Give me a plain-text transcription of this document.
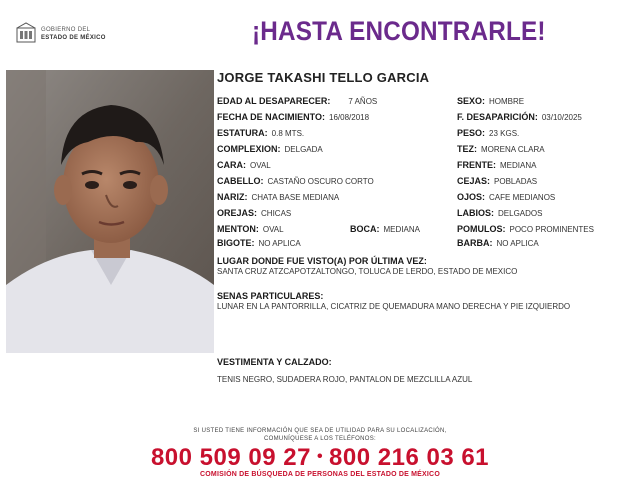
GOBIERNO DEL
ESTADO DE MÉXICO	¡HASTA ENCONTRARLE!
JORGE TAKASHI TELLO GARCIA
EDAD AL DESAPARECER: 7 AÑOS
FECHA DE NACIMIENTO: 16/08/2018
ESTATURA: 0.8 MTS.
COMPLEXION: DELGADA
CARA: OVAL
CABELLO: CASTAÑO OSCURO CORTO
NARIZ: CHATA BASE MEDIANA
OREJAS: CHICAS
MENTON: OVAL	BOCA: MEDIANA
BIGOTE: NO APLICA
SEXO: HOMBRE
F. DESAPARICIÓN: 03/10/2025
PESO: 23 KGS.
TEZ: MORENA CLARA
FRENTE: MEDIANA
CEJAS: POBLADAS
OJOS: CAFE MEDIANOS
LABIOS: DELGADOS
POMULOS: POCO PROMINENTES
BARBA: NO APLICA
LUGAR DONDE FUE VISTO(A) POR ÚLTIMA VEZ:
SANTA CRUZ ATZCAPOTZALTONGO, TOLUCA DE LERDO, ESTADO DE MEXICO
SENAS PARTICULARES:
LUNAR EN LA PANTORRILLA, CICATRIZ DE QUEMADURA MANO DERECHA Y PIE IZQUIERDO
VESTIMENTA Y CALZADO:
TENIS NEGRO, SUDADERA ROJO, PANTALON DE MEZCLILLA AZUL
SI USTED TIENE INFORMACIÓN QUE SEA DE UTILIDAD PARA SU LOCALIZACIÓN,
COMUNÍQUESE A LOS TELÉFONOS:
800 509 09 27 • 800 216 03 61
COMISIÓN DE BÚSQUEDA DE PERSONAS DEL ESTADO DE MÉXICO
